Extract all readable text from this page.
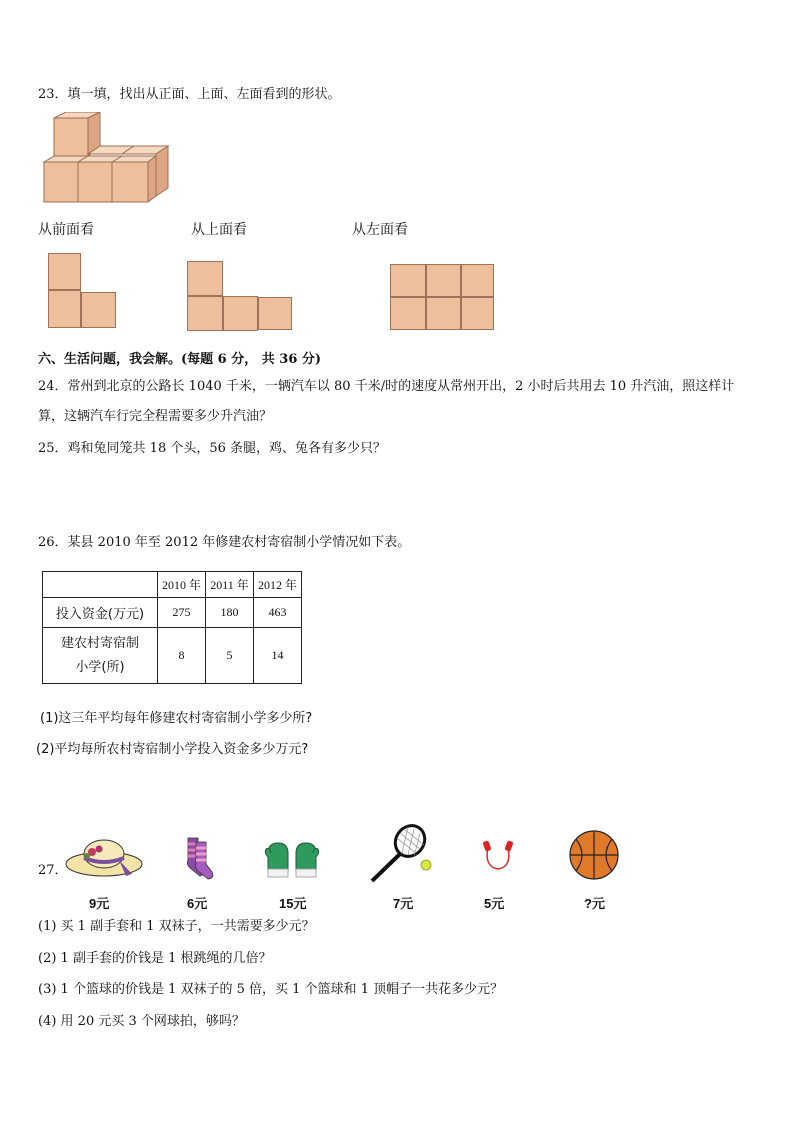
23．填一填，找出从正面、上面、左面看到的形状。
从前面看	从上面看	从左面看
六、生活问题，我会解。(每题 6 分， 共 36 分)
24．常州到北京的公路长 1040 千米，一辆汽车以 80 千米/时的速度从常州开出，2 小时后共用去 10 升汽油，照这样计
算，这辆汽车行完全程需要多少升汽油？
25．鸡和兔同笼共 18 个头，56 条腿，鸡、兔各有多少只？
26．某县 2010 年至 2012 年修建农村寄宿制小学情况如下表。
	2010 年	2011 年	2012 年
投入资金(万元)	275	180	463

建农村寄宿制
小学(所)	8	5	14
(1)这三年平均每年修建农村寄宿制小学多少所?
(2)平均每所农村寄宿制小学投入资金多少万元?
27．
9元	6元	15元	7元	5元	?元
(1) 买 1 副手套和 1 双袜子，一共需要多少元？
(2) 1 副手套的价钱是 1 根跳绳的几倍？
(3) 1 个篮球的价钱是 1 双袜子的 5 倍，买 1 个篮球和 1 顶帽子一共花多少元？
(4) 用 20 元买 3 个网球拍，够吗？
